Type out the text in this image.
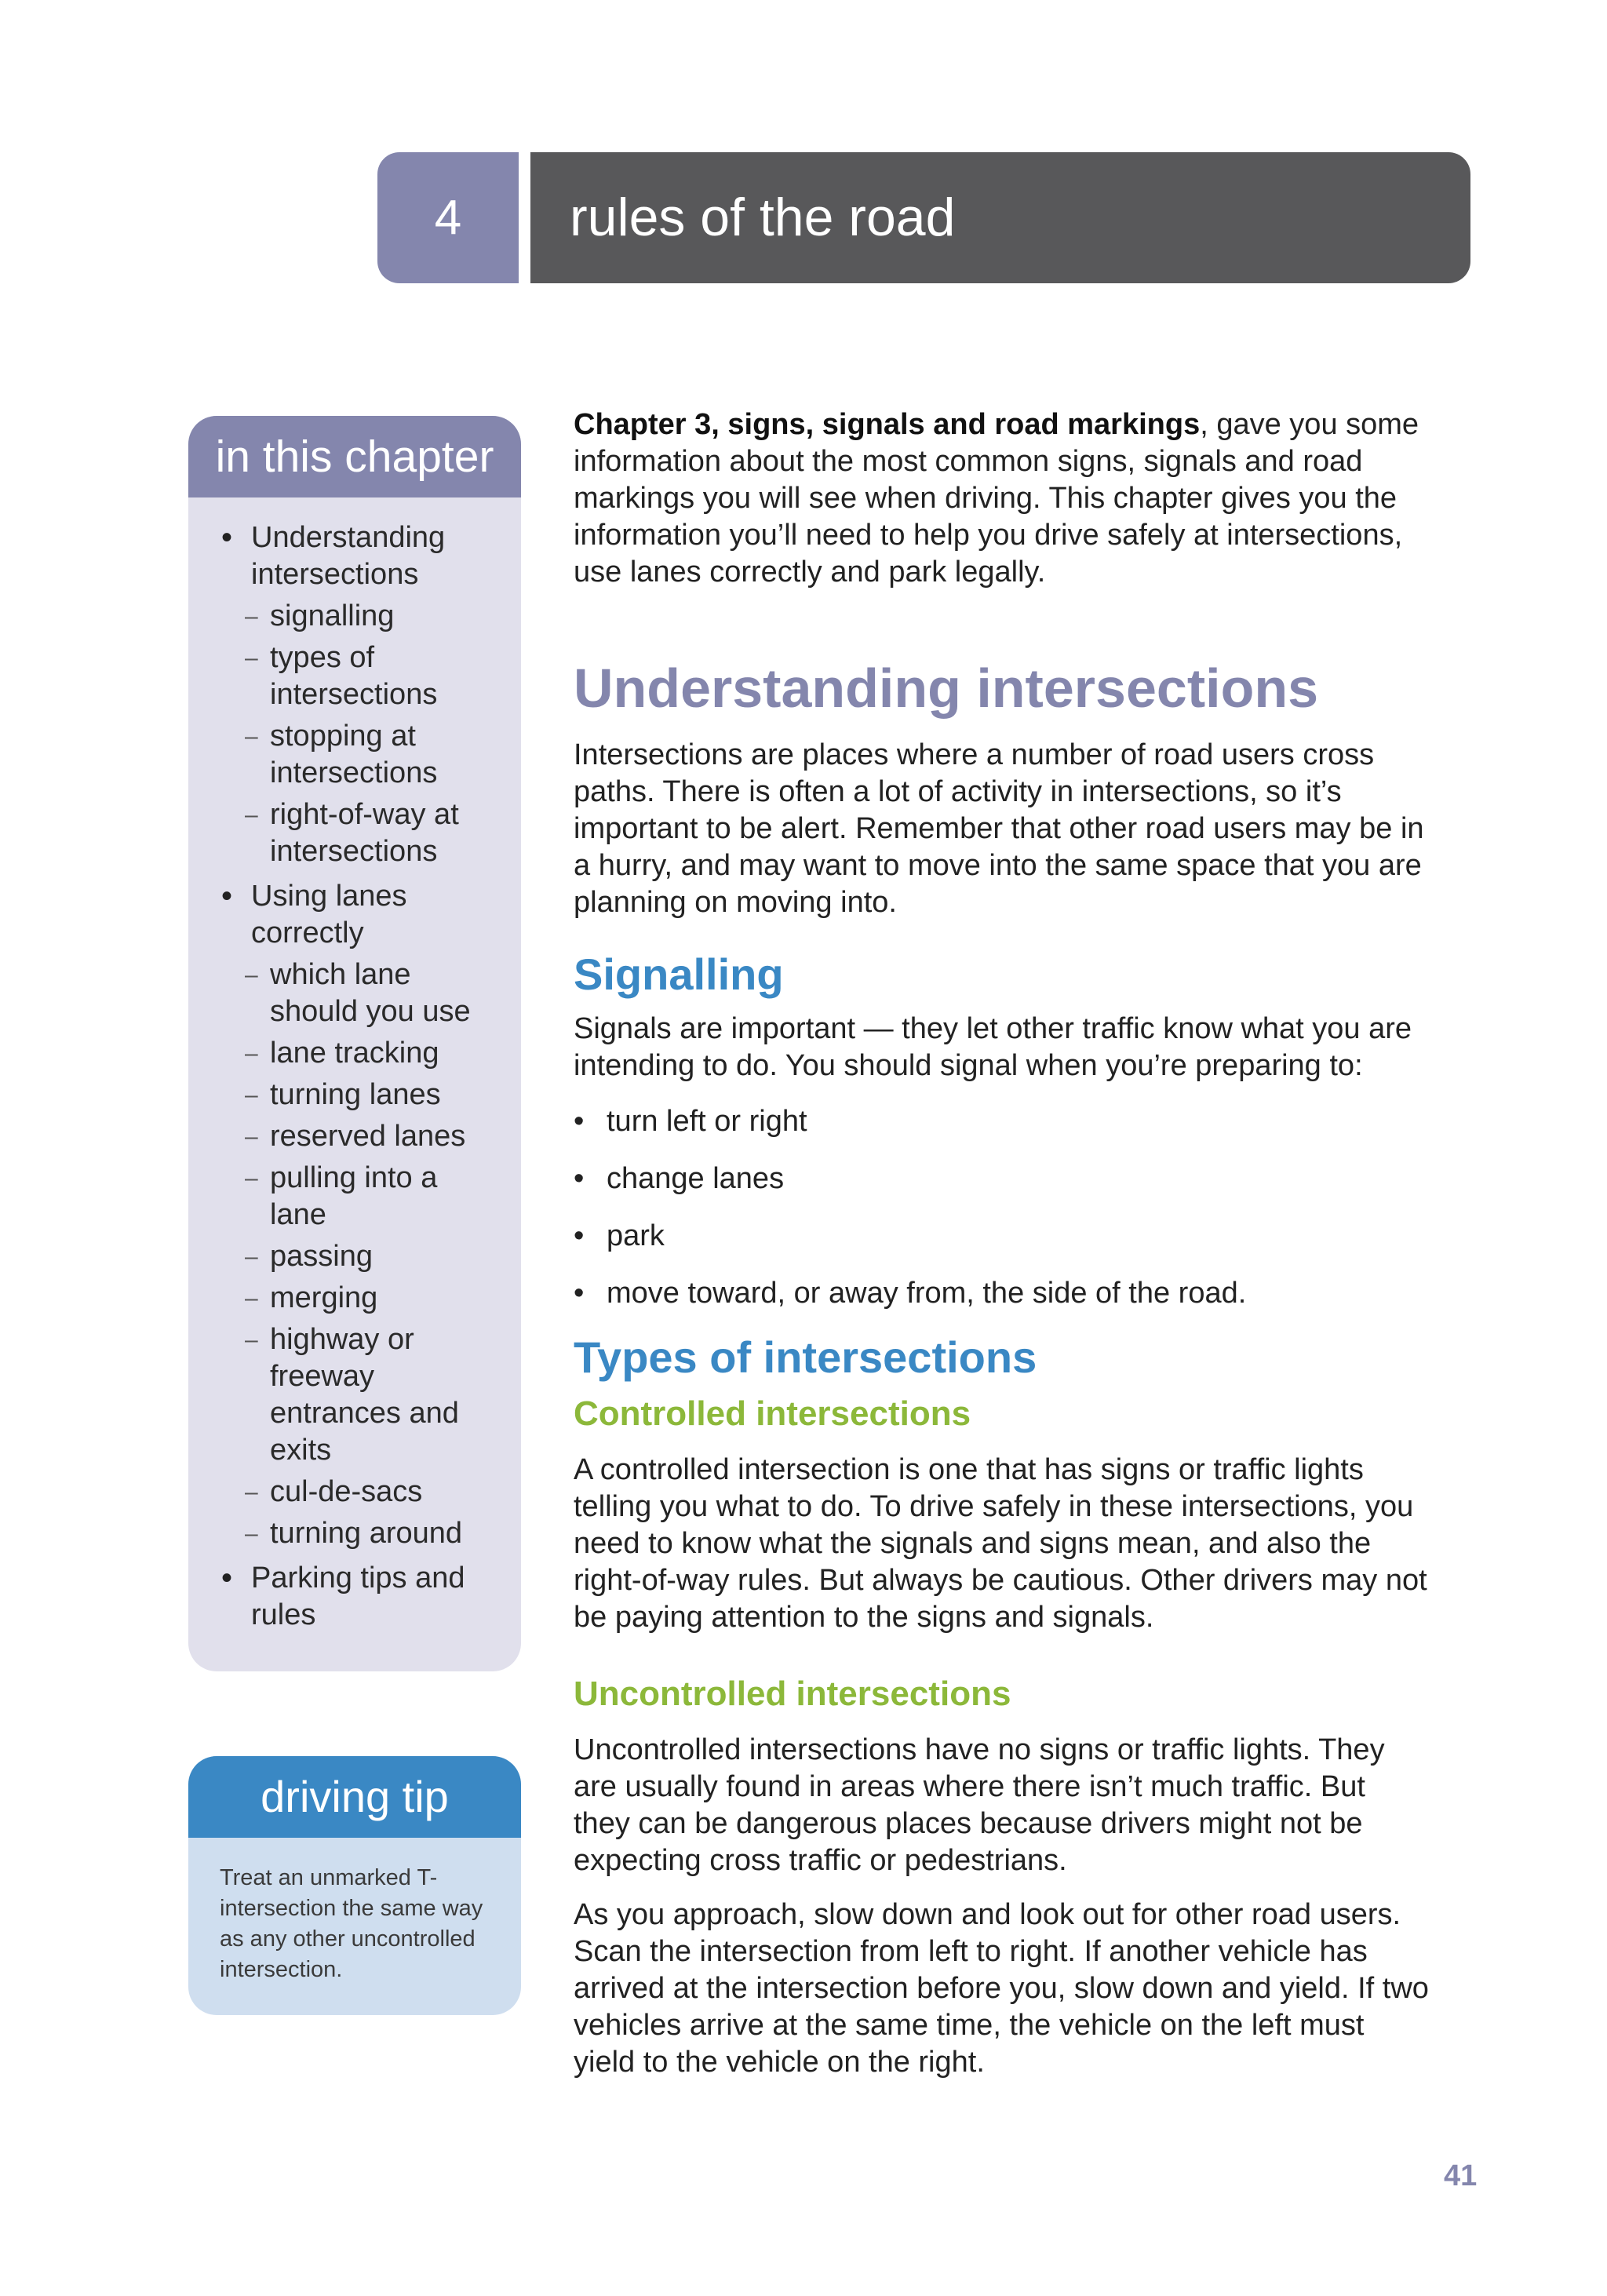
4	rules of the road
in this chapter
• Understanding intersections
– signalling
– types of intersections
– stopping at intersections
– right-of-way at intersections
• Using lanes correctly
– which lane should you use
– lane tracking
– turning lanes
– reserved lanes
– pulling into a lane
– passing
– merging
– highway or freeway entrances and exits
– cul-de-sacs
– turning around
• Parking tips and rules
driving tip
Treat an unmarked T-intersection the same way as any other uncontrolled intersection.

Chapter 3, signs, signals and road markings, gave you some information about the most common signs, signals and road markings you will see when driving. This chapter gives you the information you’ll need to help you drive safely at intersections, use lanes correctly and park legally.

Understanding intersections

Intersections are places where a number of road users cross paths. There is often a lot of activity in intersections, so it’s important to be alert. Remember that other road users may be in a hurry, and may want to move into the same space that you are planning on moving into.

Signalling

Signals are important — they let other traffic know what you are intending to do. You should signal when you’re preparing to:

• turn left or right
• change lanes
• park
• move toward, or away from, the side of the road.
Types of intersections
Controlled intersections

A controlled intersection is one that has signs or traffic lights telling you what to do. To drive safely in these intersections, you need to know what the signals and signs mean, and also the right-of-way rules. But always be cautious. Other drivers may not be paying attention to the signs and signals.

Uncontrolled intersections

Uncontrolled intersections have no signs or traffic lights. They are usually found in areas where there isn’t much traffic. But they can be dangerous places because drivers might not be expecting cross traffic or pedestrians.

As you approach, slow down and look out for other road users. Scan the intersection from left to right. If another vehicle has arrived at the intersection before you, slow down and yield. If two vehicles arrive at the same time, the vehicle on the left must yield to the vehicle on the right.

41
